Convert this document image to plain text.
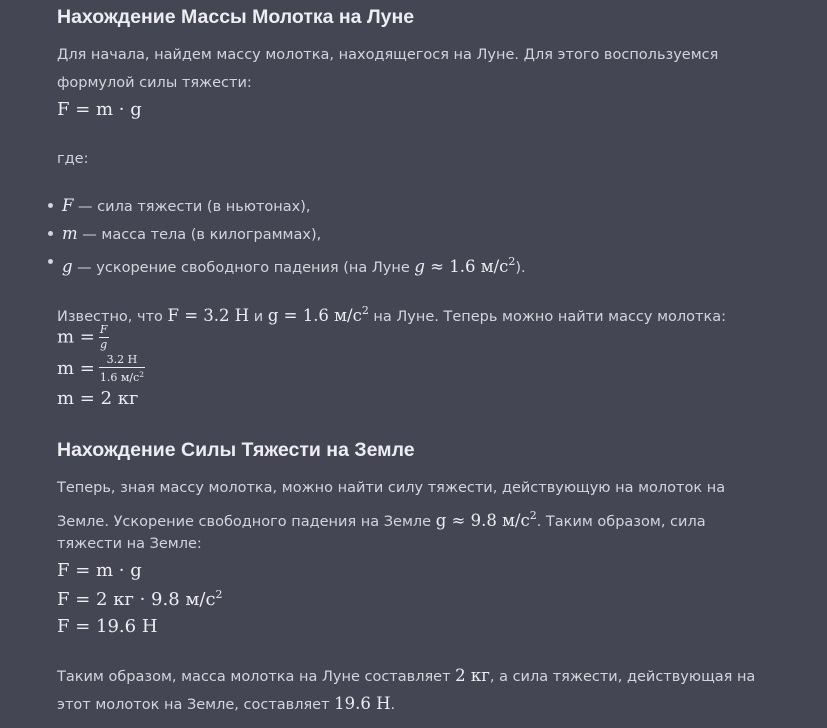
Нахождение Массы Молотка на Луне
Для начала, найдем массу молотка, находящегося на Луне. Для этого воспользуемся
формулой силы тяжести:
F = m · g
где:
F — сила тяжести (в ньютонах),
m — масса тела (в килограммах),
g — ускорение свободного падения (на Луне g ≈ 1.6 $м/с^2$).
Известно, что F = 3.2 Н и g = 1.6 $м/с^2$ на Луне. Теперь можно найти массу молотка:
$m = \frac{F}{g}$
$m = \frac{3.2 Н}{1.6 м/с^2}$
m = 2 кг
Нахождение Силы Тяжести на Земле
Теперь, зная массу молотка, можно найти силу тяжести, действующую на молоток на
Земле. Ускорение свободного падения на Земле g ≈ 9.8 $м/с^2$. Таким образом, сила
тяжести на Земле:
F = m · g
F = 2 кг · 9.8 $м/с^2$
F = 19.6 Н
Таким образом, масса молотка на Луне составляет 2 кг, а сила тяжести, действующая на
этот молоток на Земле, составляет 19.6 Н.
